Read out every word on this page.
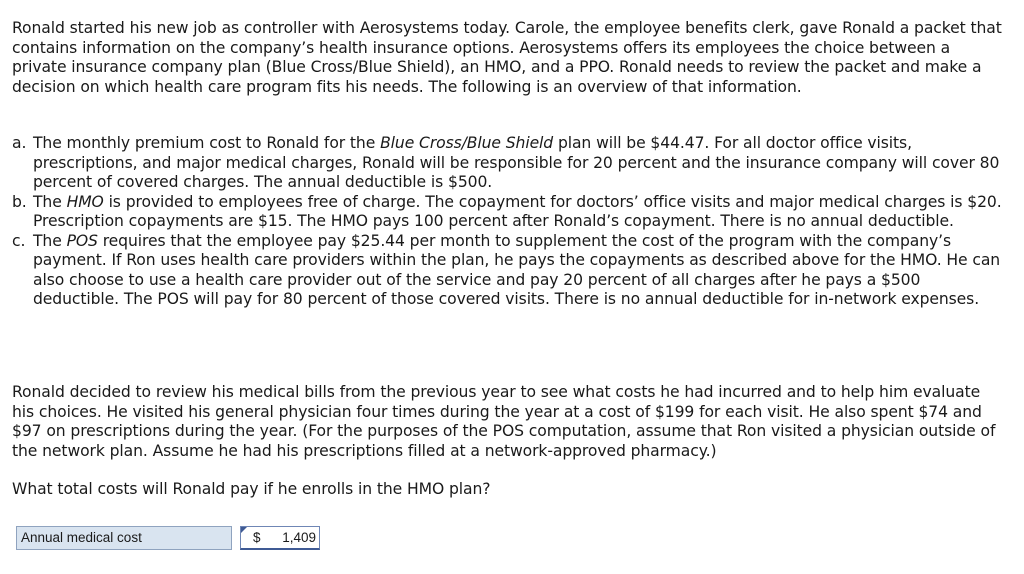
Ronald started his new job as controller with Aerosystems today. Carole, the employee benefits clerk, gave Ronald a packet that contains information on the company’s health insurance options. Aerosystems offers its employees the choice between a private insurance company plan (Blue Cross/Blue Shield), an HMO, and a PPO. Ronald needs to review the packet and make a decision on which health care program fits his needs. The following is an overview of that information.

a. The monthly premium cost to Ronald for the Blue Cross/Blue Shield plan will be $44.47. For all doctor office visits, prescriptions, and major medical charges, Ronald will be responsible for 20 percent and the insurance company will cover 80 percent of covered charges. The annual deductible is $500.
b. The HMO is provided to employees free of charge. The copayment for doctors’ office visits and major medical charges is $20. Prescription copayments are $15. The HMO pays 100 percent after Ronald’s copayment. There is no annual deductible.
c. The POS requires that the employee pay $25.44 per month to supplement the cost of the program with the company’s payment. If Ron uses health care providers within the plan, he pays the copayments as described above for the HMO. He can also choose to use a health care provider out of the service and pay 20 percent of all charges after he pays a $500 deductible. The POS will pay for 80 percent of those covered visits. There is no annual deductible for in-network expenses.

Ronald decided to review his medical bills from the previous year to see what costs he had incurred and to help him evaluate his choices. He visited his general physician four times during the year at a cost of $199 for each visit. He also spent $74 and $97 on prescriptions during the year. (For the purposes of the POS computation, assume that Ron visited a physician outside of the network plan. Assume he had his prescriptions filled at a network-approved pharmacy.)

What total costs will Ronald pay if he enrolls in the HMO plan?

Annual medical cost	$ 1,409
